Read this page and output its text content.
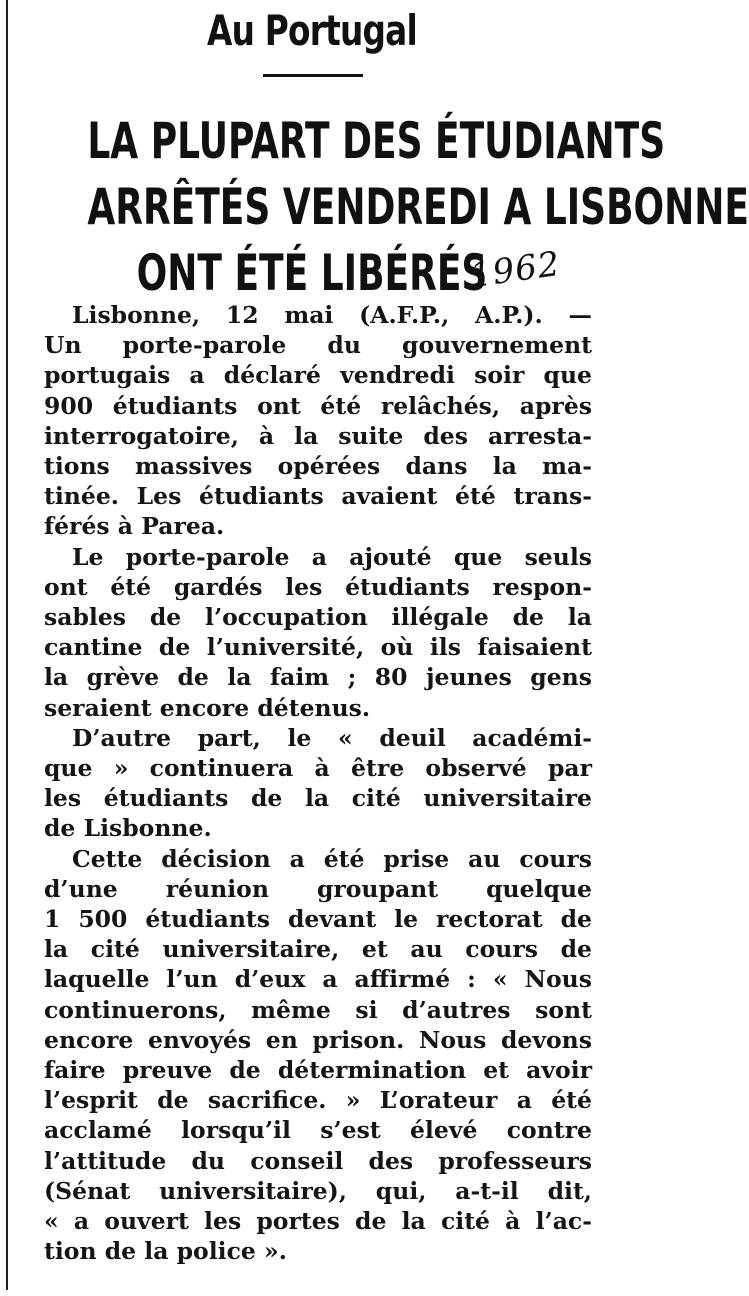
Au Portugal
LA PLUPART DES ÉTUDIANTS
ARRÊTÉS VENDREDI A LISBONNE
ONT ÉTÉ LIBÉRÉS
1962
Lisbonne, 12 mai (A.F.P., A.P.). —
Un porte-parole du gouvernement
portugais a déclaré vendredi soir que
900 étudiants ont été relâchés, après
interrogatoire, à la suite des arresta-
tions massives opérées dans la ma-
tinée. Les étudiants avaient été trans-
férés à Parea.
Le porte-parole a ajouté que seuls
ont été gardés les étudiants respon-
sables de l’occupation illégale de la
cantine de l’université, où ils faisaient
la grève de la faim ; 80 jeunes gens
seraient encore détenus.
D’autre part, le « deuil académi-
que » continuera à être observé par
les étudiants de la cité universitaire
de Lisbonne.
Cette décision a été prise au cours
d’une réunion groupant quelque
1 500 étudiants devant le rectorat de
la cité universitaire, et au cours de
laquelle l’un d’eux a affirmé : « Nous
continuerons, même si d’autres sont
encore envoyés en prison. Nous devons
faire preuve de détermination et avoir
l’esprit de sacrifice. » L’orateur a été
acclamé lorsqu’il s’est élevé contre
l’attitude du conseil des professeurs
(Sénat universitaire), qui, a-t-il dit,
« a ouvert les portes de la cité à l’ac-
tion de la police ».
